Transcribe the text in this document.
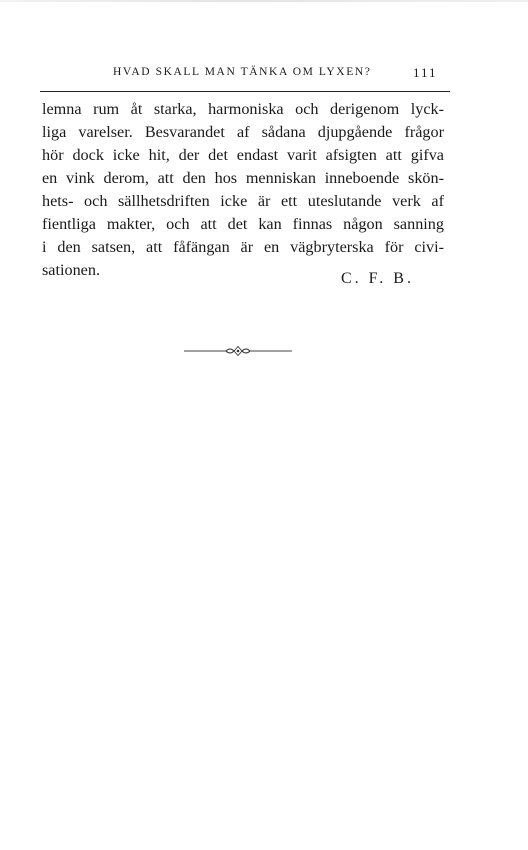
HVAD SKALL MAN TÄNKA OM LYXEN?	111
lemna rum åt starka, harmoniska och derigenom lyck-
liga varelser. Besvarandet af sådana djupgående frågor
hör dock icke hit, der det endast varit afsigten att gifva
en vink derom, att den hos menniskan inneboende skön-
hets- och sällhetsdriften icke är ett uteslutande verk af
fientliga makter, och att det kan finnas någon sanning
i den satsen, att fåfängan är en vägbryterska för civi-
sationen.	C. F. B.
